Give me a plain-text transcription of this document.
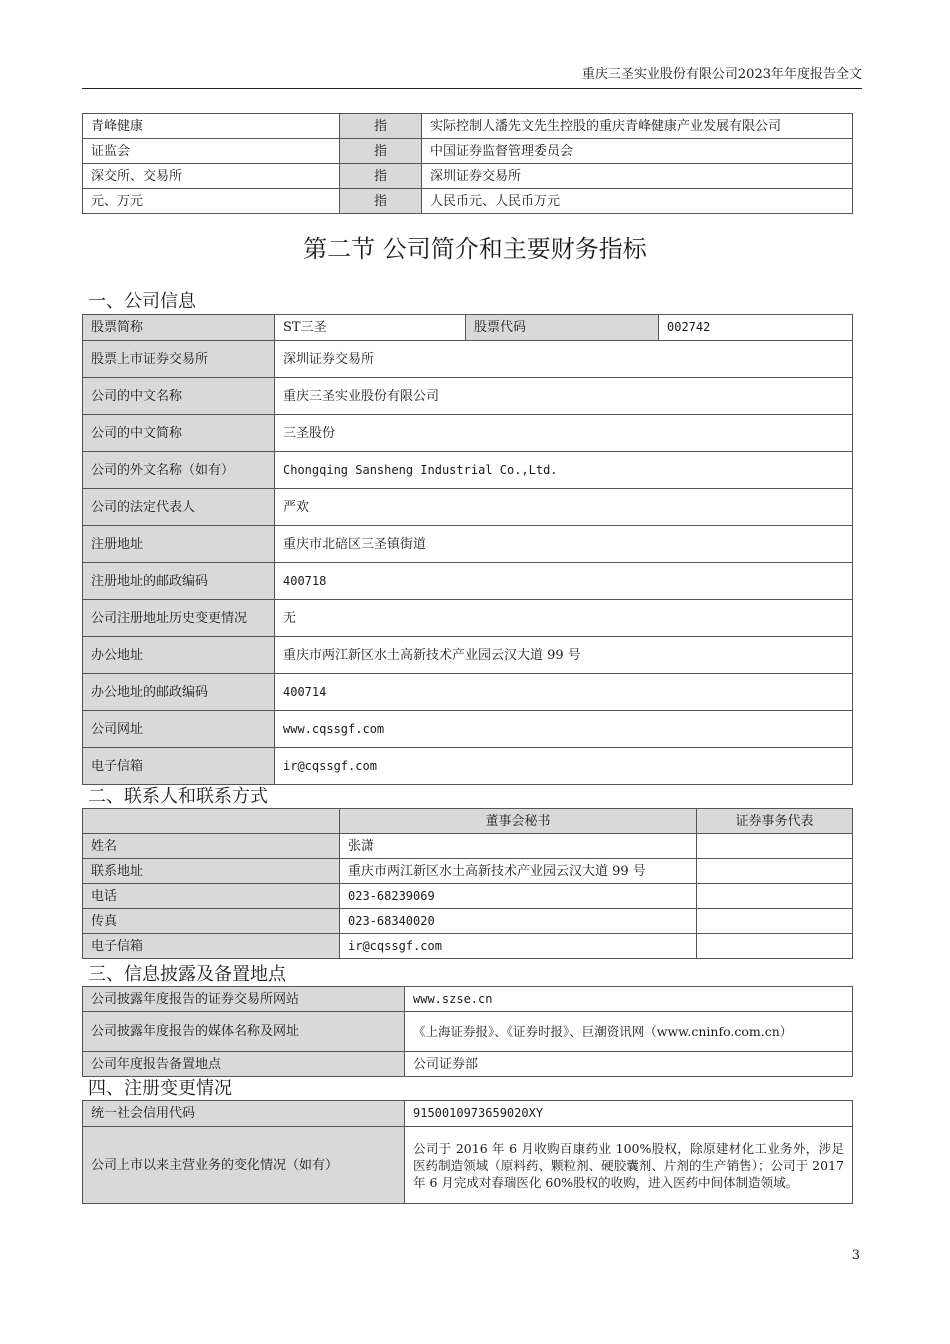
重庆三圣实业股份有限公司2023年年度报告全文
青峰健康	指	实际控制人潘先文先生控股的重庆青峰健康产业发展有限公司
证监会	指	中国证券监督管理委员会
深交所、交易所	指	深圳证券交易所
元、万元	指	人民币元、人民币万元
第二节 公司简介和主要财务指标
一、公司信息
股票简称	ST三圣	股票代码	002742
股票上市证券交易所	深圳证券交易所		
公司的中文名称	重庆三圣实业股份有限公司		
公司的中文简称	三圣股份		
公司的外文名称（如有）	Chongqing Sansheng Industrial Co.,Ltd.		
公司的法定代表人	严欢		
注册地址	重庆市北碚区三圣镇街道		
注册地址的邮政编码	400718		
公司注册地址历史变更情况	无		
办公地址	重庆市两江新区水土高新技术产业园云汉大道 99 号		
办公地址的邮政编码	400714		
公司网址	www.cqssgf.com		
电子信箱	ir@cqssgf.com		
二、联系人和联系方式
	董事会秘书	证券事务代表
姓名	张潇	
联系地址	重庆市两江新区水土高新技术产业园云汉大道 99 号	
电话	023-68239069	
传真	023-68340020	
电子信箱	ir@cqssgf.com	
三、信息披露及备置地点
公司披露年度报告的证券交易所网站	www.szse.cn
公司披露年度报告的媒体名称及网址	《上海证券报》、《证券时报》、巨潮资讯网（www.cninfo.com.cn）
公司年度报告备置地点	公司证券部
四、注册变更情况
统一社会信用代码	9150010973659020XY
公司上市以来主营业务的变化情况（如有）	公司于 2016 年 6 月收购百康药业 100%股权，除原建材化工业务外，涉足医药制造领域（原料药、颗粒剂、硬胶囊剂、片剂的生产销售）；公司于 2017 年 6 月完成对春瑞医化 60%股权的收购，进入医药中间体制造领域。
3
